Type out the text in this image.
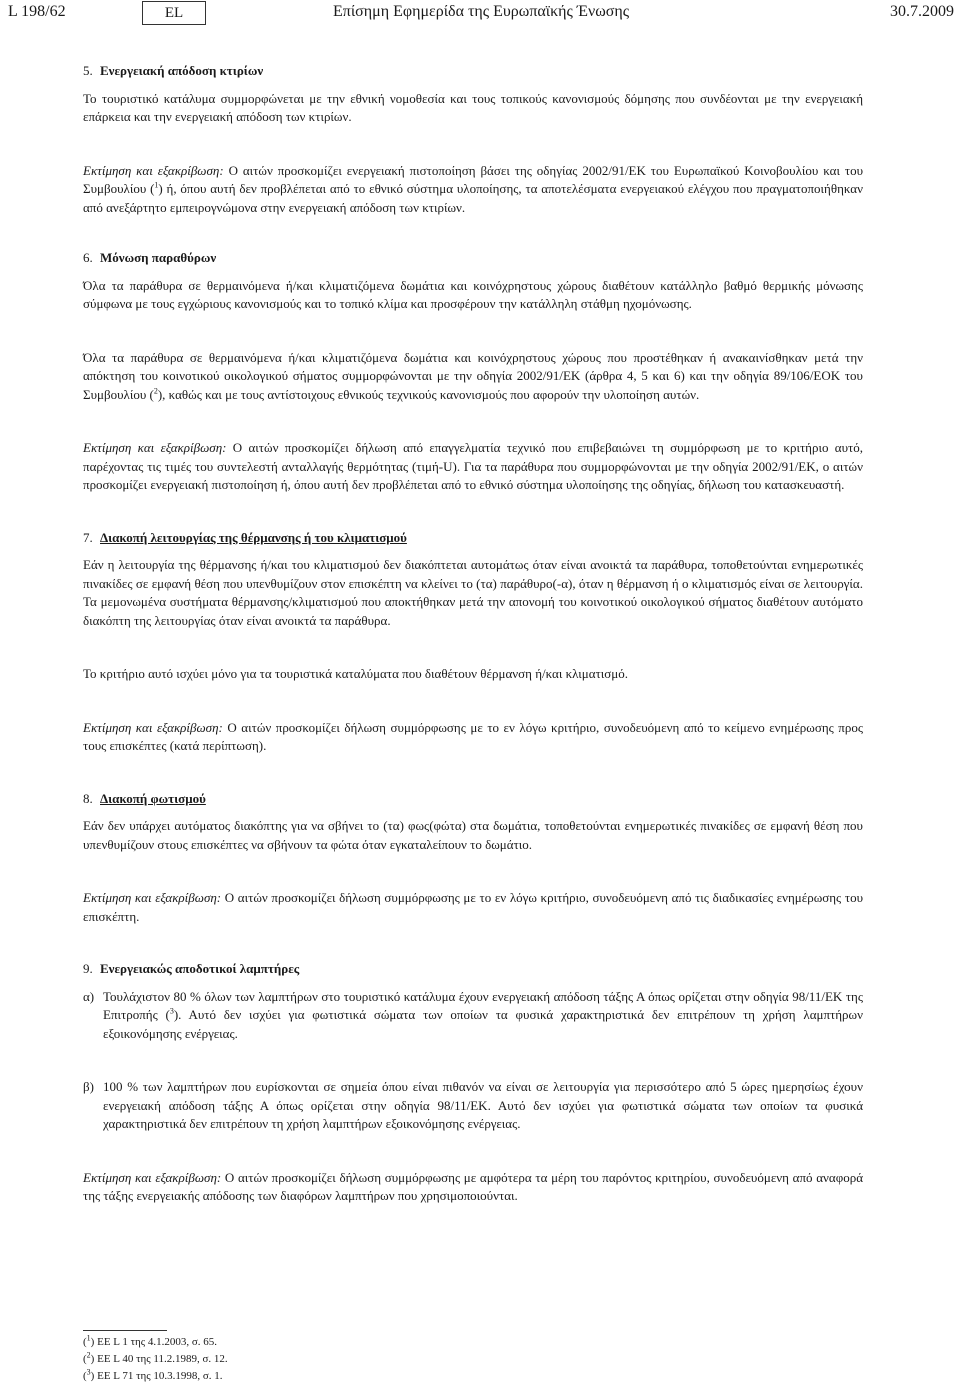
L 198/62	EL	Επίσημη Εφημερίδα της Ευρωπαϊκής Ένωσης	30.7.2009

5. Ενεργειακή απόδοση κτιρίων

Το τουριστικό κατάλυμα συμμορφώνεται με την εθνική νομοθεσία και τους τοπικούς κανονισμούς δόμησης που συνδέονται με την ενεργειακή επάρκεια και την ενεργειακή απόδοση των κτιρίων.

Εκτίμηση και εξακρίβωση: Ο αιτών προσκομίζει ενεργειακή πιστοποίηση βάσει της οδηγίας 2002/91/ΕΚ του Ευρωπαϊκού Κοινοβουλίου και του Συμβουλίου ($^1$) ή, όπου αυτή δεν προβλέπεται από το εθνικό σύστημα υλοποίησης, τα αποτελέσματα ενεργειακού ελέγχου που πραγματοποιήθηκαν από ανεξάρτητο εμπειρογνώμονα στην ενεργειακή απόδοση των κτιρίων.

6. Μόνωση παραθύρων

Όλα τα παράθυρα σε θερμαινόμενα ή/και κλιματιζόμενα δωμάτια και κοινόχρηστους χώρους διαθέτουν κατάλληλο βαθμό θερμικής μόνωσης σύμφωνα με τους εγχώριους κανονισμούς και το τοπικό κλίμα και προσφέρουν την κατάλληλη στάθμη ηχομόνωσης.

Όλα τα παράθυρα σε θερμαινόμενα ή/και κλιματιζόμενα δωμάτια και κοινόχρηστους χώρους που προστέθηκαν ή ανακαινίσθηκαν μετά την απόκτηση του κοινοτικού οικολογικού σήματος συμμορφώνονται με την οδηγία 2002/91/ΕΚ (άρθρα 4, 5 και 6) και την οδηγία 89/106/ΕΟΚ του Συμβουλίου ($^2$), καθώς και με τους αντίστοιχους εθνικούς τεχνικούς κανονισμούς που αφορούν την υλοποίηση αυτών.

Εκτίμηση και εξακρίβωση: Ο αιτών προσκομίζει δήλωση από επαγγελματία τεχνικό που επιβεβαιώνει τη συμμόρφωση με το κριτήριο αυτό, παρέχοντας τις τιμές του συντελεστή ανταλλαγής θερμότητας (τιμή-U). Για τα παράθυρα που συμμορφώνονται με την οδηγία 2002/91/ΕΚ, ο αιτών προσκομίζει ενεργειακή πιστοποίηση ή, όπου αυτή δεν προβλέπεται από το εθνικό σύστημα υλοποίησης της οδηγίας, δήλωση του κατασκευαστή.

7. Διακοπή λειτουργίας της θέρμανσης ή του κλιματισμού

Εάν η λειτουργία της θέρμανσης ή/και του κλιματισμού δεν διακόπτεται αυτομάτως όταν είναι ανοικτά τα παράθυρα, τοποθετούνται ενημερωτικές πινακίδες σε εμφανή θέση που υπενθυμίζουν στον επισκέπτη να κλείνει το (τα) παράθυρο(-α), όταν η θέρμανση ή ο κλιματισμός είναι σε λειτουργία. Τα μεμονωμένα συστήματα θέρμανσης/κλιματισμού που αποκτήθηκαν μετά την απονομή του κοινοτικού οικολογικού σήματος διαθέτουν αυτόματο διακόπτη της λειτουργίας όταν είναι ανοικτά τα παράθυρα.

Το κριτήριο αυτό ισχύει μόνο για τα τουριστικά καταλύματα που διαθέτουν θέρμανση ή/και κλιματισμό.

Εκτίμηση και εξακρίβωση: Ο αιτών προσκομίζει δήλωση συμμόρφωσης με το εν λόγω κριτήριο, συνοδευόμενη από το κείμενο ενημέρωσης προς τους επισκέπτες (κατά περίπτωση).

8. Διακοπή φωτισμού

Εάν δεν υπάρχει αυτόματος διακόπτης για να σβήνει το (τα) φως(φώτα) στα δωμάτια, τοποθετούνται ενημερωτικές πινακίδες σε εμφανή θέση που υπενθυμίζουν στους επισκέπτες να σβήνουν τα φώτα όταν εγκαταλείπουν το δωμάτιο.

Εκτίμηση και εξακρίβωση: Ο αιτών προσκομίζει δήλωση συμμόρφωσης με το εν λόγω κριτήριο, συνοδευόμενη από τις διαδικασίες ενημέρωσης του επισκέπτη.

9. Ενεργειακώς αποδοτικοί λαμπτήρες

α) Τουλάχιστον 80 % όλων των λαμπτήρων στο τουριστικό κατάλυμα έχουν ενεργειακή απόδοση τάξης Α όπως ορίζεται στην οδηγία 98/11/ΕΚ της Επιτροπής ($^3$). Αυτό δεν ισχύει για φωτιστικά σώματα των οποίων τα φυσικά χαρακτηριστικά δεν επιτρέπουν τη χρήση λαμπτήρων εξοικονόμησης ενέργειας.
β) 100 % των λαμπτήρων που ευρίσκονται σε σημεία όπου είναι πιθανόν να είναι σε λειτουργία για περισσότερο από 5 ώρες ημερησίως έχουν ενεργειακή απόδοση τάξης Α όπως ορίζεται στην οδηγία 98/11/ΕΚ. Αυτό δεν ισχύει για φωτιστικά σώματα των οποίων τα φυσικά χαρακτηριστικά δεν επιτρέπουν τη χρήση λαμπτήρων εξοικονόμησης ενέργειας.

Εκτίμηση και εξακρίβωση: Ο αιτών προσκομίζει δήλωση συμμόρφωσης με αμφότερα τα μέρη του παρόντος κριτηρίου, συνοδευόμενη από αναφορά της τάξης ενεργειακής απόδοσης των διαφόρων λαμπτήρων που χρησιμοποιούνται.

($^1$) ΕΕ L 1 της 4.1.2003, σ. 65.
($^2$) ΕΕ L 40 της 11.2.1989, σ. 12.
($^3$) ΕΕ L 71 της 10.3.1998, σ. 1.
